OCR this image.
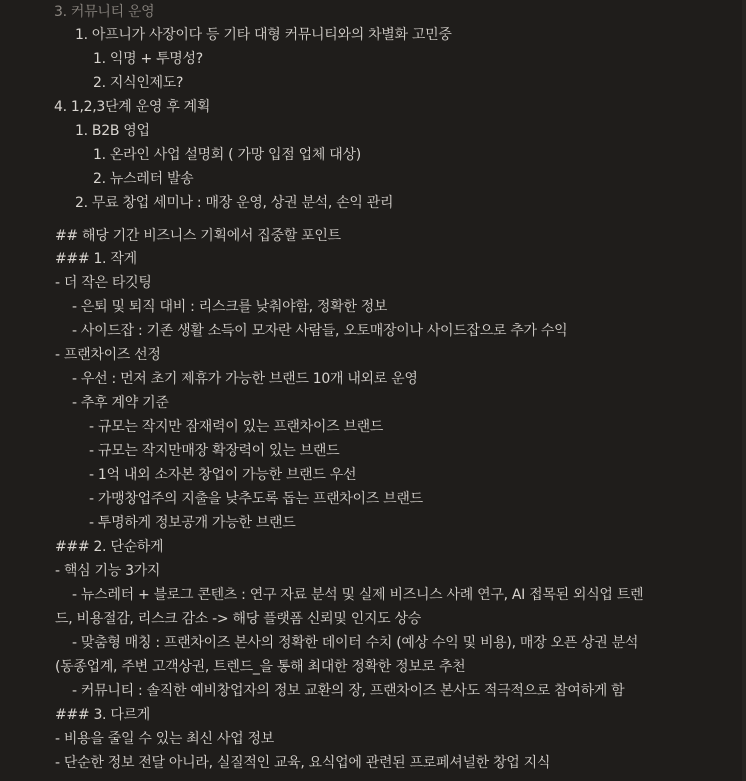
3. 커뮤니티 운영
1. 아프니가 사장이다 등 기타 대형 커뮤니티와의 차별화 고민중
1. 익명 + 투명성?
2. 지식인제도?
4. 1,2,3단계 운영 후 계획
1. B2B 영업
1. 온라인 사업 설명회 ( 가망 입점 업체 대상)
2. 뉴스레터 발송
2. 무료 창업 세미나 : 매장 운영, 상권 분석, 손익 관리
## 해당 기간 비즈니스 기획에서 집중할 포인트
### 1. 작게
- 더 작은 타깃팅
- 은퇴 및 퇴직 대비 : 리스크를 낮춰야함, 정확한 정보
- 사이드잡 : 기존 생활 소득이 모자란 사람들, 오토매장이나 사이드잡으로 추가 수익
- 프랜차이즈 선정
- 우선 : 먼저 초기 제휴가 가능한 브랜드 10개 내외로 운영
- 추후 계약 기준
- 규모는 작지만 잠재력이 있는 프랜차이즈 브랜드
- 규모는 작지만매장 확장력이 있는 브랜드
- 1억 내외 소자본 창업이 가능한 브랜드 우선
- 가맹창업주의 지출을 낮추도록 돕는 프랜차이즈 브랜드
- 투명하게 정보공개 가능한 브랜드
### 2. 단순하게
- 핵심 기능 3가지
- 뉴스레터 + 블로그 콘텐츠 : 연구 자료 분석 및 실제 비즈니스 사례 연구, AI 접목된 외식업 트렌
드, 비용절감, 리스크 감소 -> 해당 플랫폼 신뢰및 인지도 상승
- 맞춤형 매칭 : 프랜차이즈 본사의 정확한 데이터 수치 (예상 수익 및 비용), 매장 오픈 상권 분석
(동종업계, 주변 고객상권, 트렌드_을 통해 최대한 정확한 정보로 추천
- 커뮤니티 : 솔직한 예비창업자의 정보 교환의 장, 프랜차이즈 본사도 적극적으로 참여하게 함
### 3. 다르게
- 비용을 줄일 수 있는 최신 사업 정보
- 단순한 정보 전달 아니라, 실질적인 교육, 요식업에 관련된 프로페셔널한 창업 지식
